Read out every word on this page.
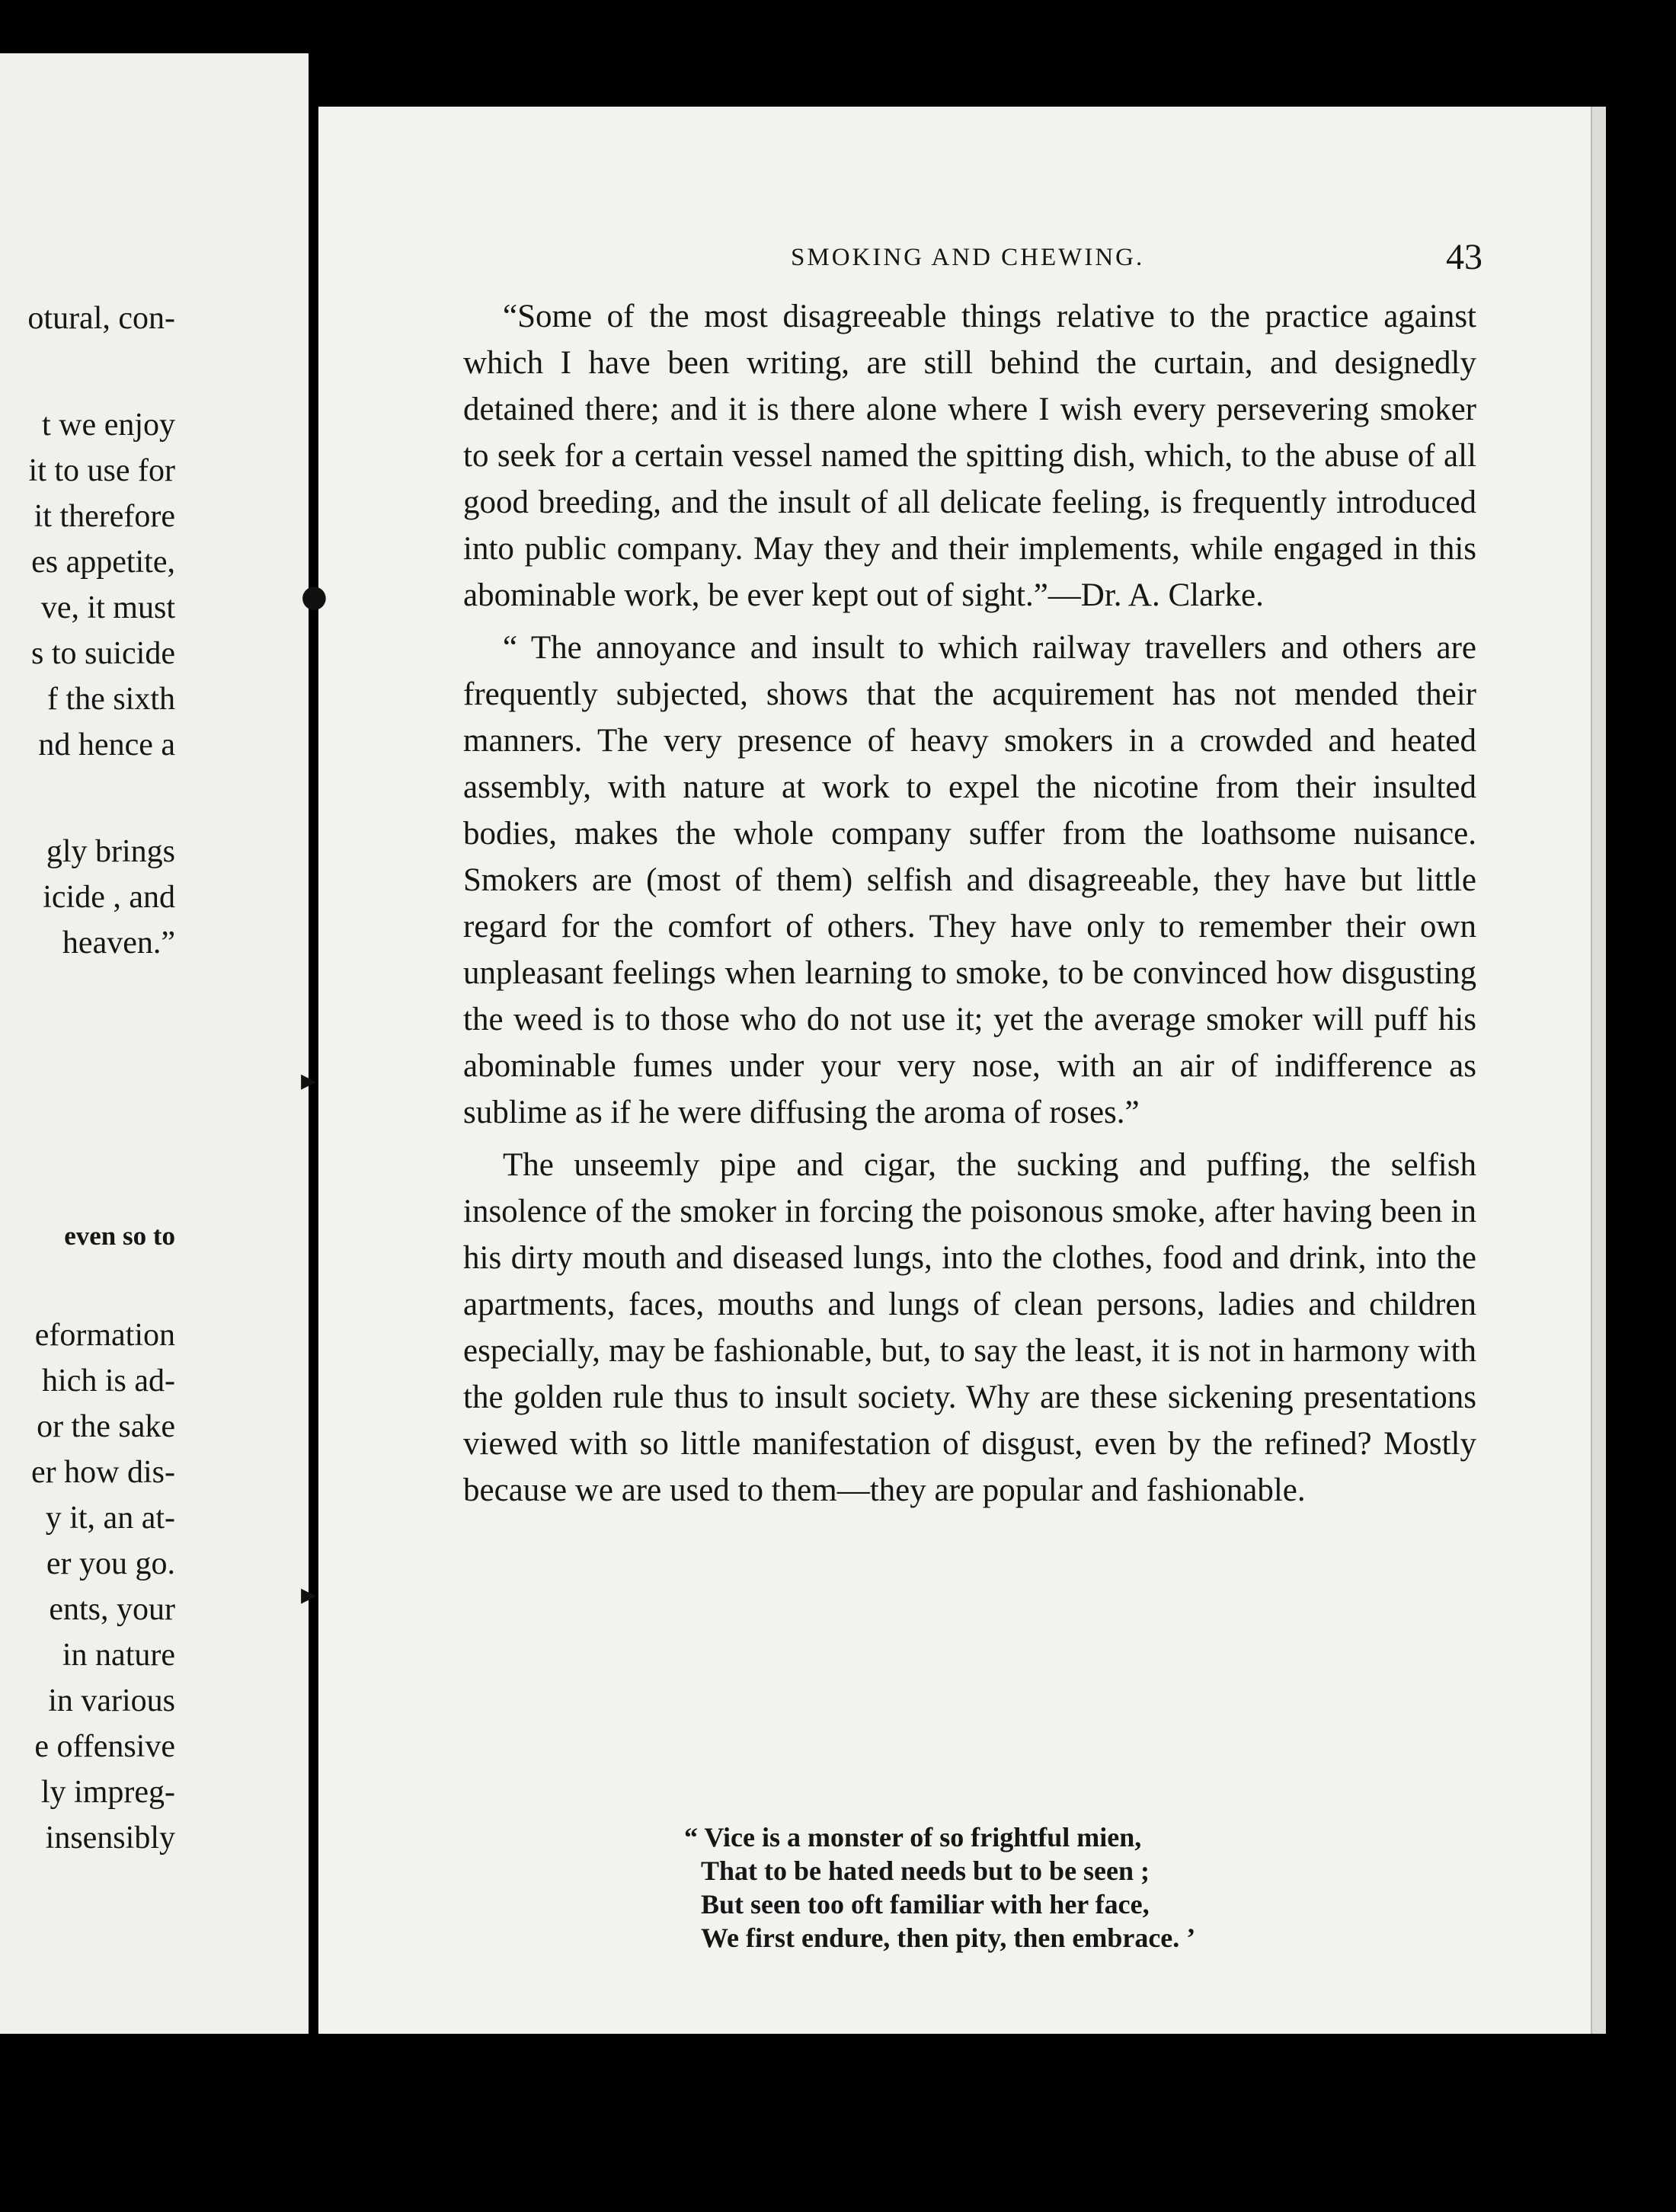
otural, con-
t we enjoy
it to use for
it therefore
es appetite,
ve, it must
s to suicide
f the sixth
nd hence a
gly brings
icide , and
heaven.”
even so to
eformation
hich is ad-
or the sake
er how dis-
y it, an at-
er you go.
ents, your
in nature
in various
e offensive
ly impreg-
insensibly
SMOKING AND CHEWING.	43

“Some of the most disagreeable things relative to the practice against which I have been writing, are still behind the curtain, and designedly detained there; and it is there alone where I wish every persevering smoker to seek for a certain vessel named the spitting dish, which, to the abuse of all good breeding, and the insult of all delicate feeling, is frequently introduced into public company. May they and their implements, while engaged in this abominable work, be ever kept out of sight.”—Dr. A. Clarke.

“ The annoyance and insult to which railway travellers and others are frequently subjected, shows that the acquirement has not mended their manners. The very presence of heavy smokers in a crowded and heated assembly, with nature at work to expel the nicotine from their insulted bodies, makes the whole company suffer from the loathsome nuisance. Smokers are (most of them) selfish and disagreeable, they have but little regard for the comfort of others. They have only to remember their own unpleasant feelings when learning to smoke, to be convinced how disgusting the weed is to those who do not use it; yet the average smoker will puff his abominable fumes under your very nose, with an air of indifference as sublime as if he were diffusing the aroma of roses.”

The unseemly pipe and cigar, the sucking and puffing, the selfish insolence of the smoker in forcing the poisonous smoke, after having been in his dirty mouth and diseased lungs, into the clothes, food and drink, into the apartments, faces, mouths and lungs of clean persons, ladies and children especially, may be fashionable, but, to say the least, it is not in harmony with the golden rule thus to insult society. Why are these sickening presentations viewed with so little manifestation of disgust, even by the refined? Mostly because we are used to them—they are popular and fashionable.

“ Vice is a monster of so frightful mien,
That to be hated needs but to be seen ;
But seen too oft familiar with her face,
We first endure, then pity, then embrace. ’
▸
▸
●
